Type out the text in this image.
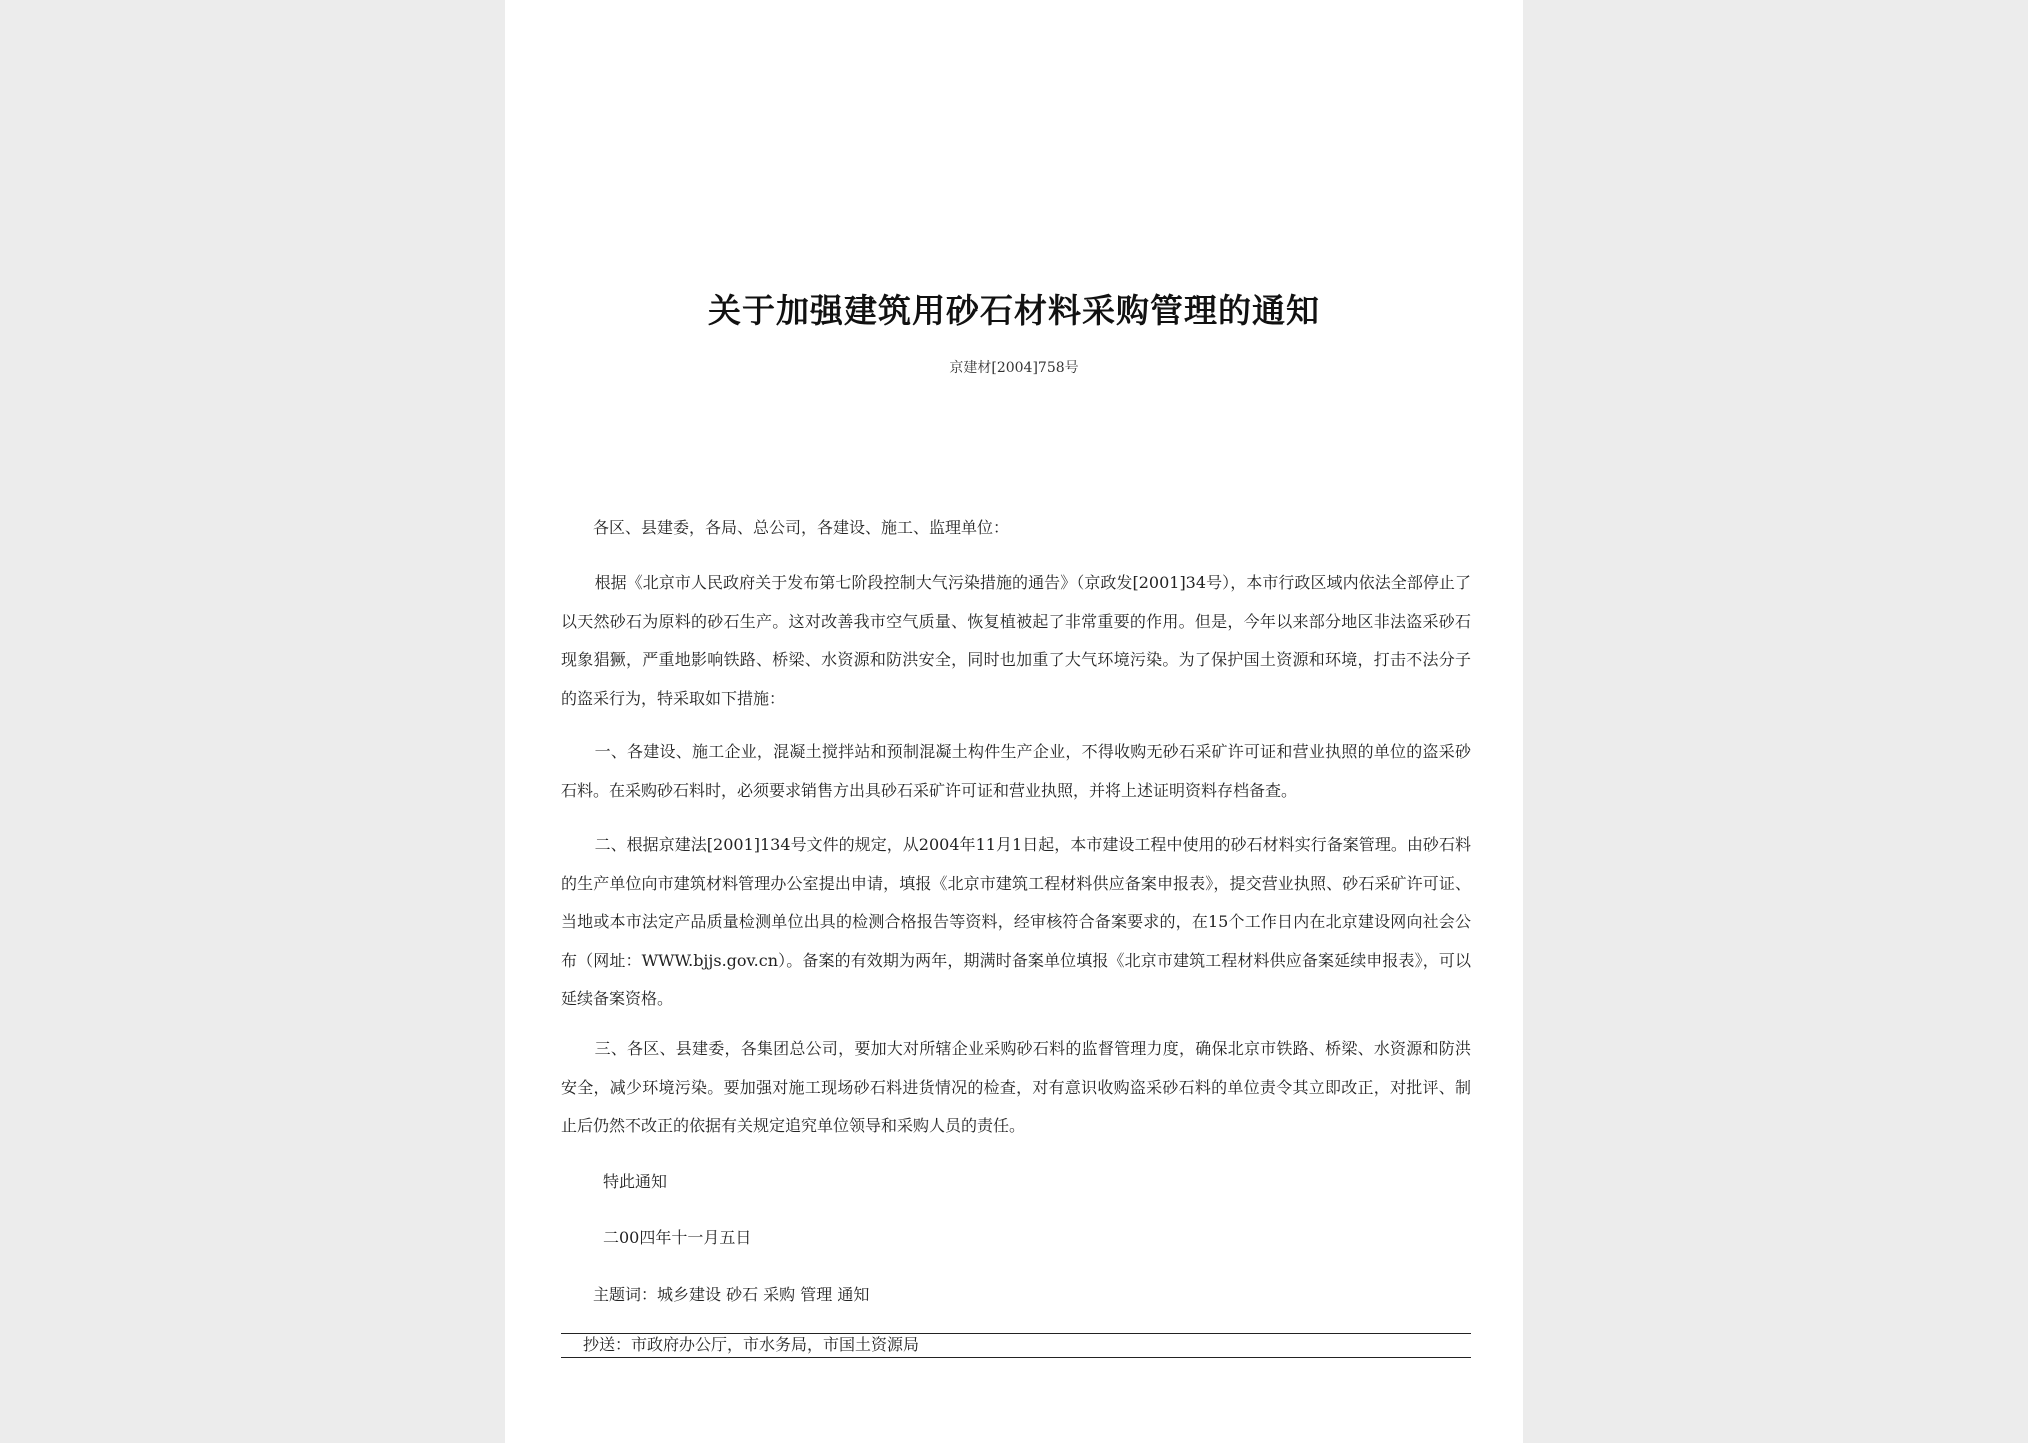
关于加强建筑用砂石材料采购管理的通知
京建材[2004]758号
各区、县建委，各局、总公司，各建设、施工、监理单位：
根据《北京市人民政府关于发布第七阶段控制大气污染措施的通告》（京政发[2001]34号），本市行政区域内依法全部停止了以天然砂石为原料的砂石生产。这对改善我市空气质量、恢复植被起了非常重要的作用。但是，今年以来部分地区非法盗采砂石现象猖獗，严重地影响铁路、桥梁、水资源和防洪安全，同时也加重了大气环境污染。为了保护国土资源和环境，打击不法分子的盗采行为，特采取如下措施：
一、各建设、施工企业，混凝土搅拌站和预制混凝土构件生产企业，不得收购无砂石采矿许可证和营业执照的单位的盗采砂石料。在采购砂石料时，必须要求销售方出具砂石采矿许可证和营业执照，并将上述证明资料存档备查。
二、根据京建法[2001]134号文件的规定，从2004年11月1日起，本市建设工程中使用的砂石材料实行备案管理。由砂石料的生产单位向市建筑材料管理办公室提出申请，填报《北京市建筑工程材料供应备案申报表》，提交营业执照、砂石采矿许可证、当地或本市法定产品质量检测单位出具的检测合格报告等资料，经审核符合备案要求的，在15个工作日内在北京建设网向社会公布（网址：WWW.bjjs.gov.cn）。备案的有效期为两年，期满时备案单位填报《北京市建筑工程材料供应备案延续申报表》，可以延续备案资格。
三、各区、县建委，各集团总公司，要加大对所辖企业采购砂石料的监督管理力度，确保北京市铁路、桥梁、水资源和防洪安全，减少环境污染。要加强对施工现场砂石料进货情况的检查，对有意识收购盗采砂石料的单位责令其立即改正，对批评、制止后仍然不改正的依据有关规定追究单位领导和采购人员的责任。
特此通知
二00四年十一月五日
主题词：城乡建设 砂石 采购 管理 通知
抄送：市政府办公厅，市水务局，市国土资源局
